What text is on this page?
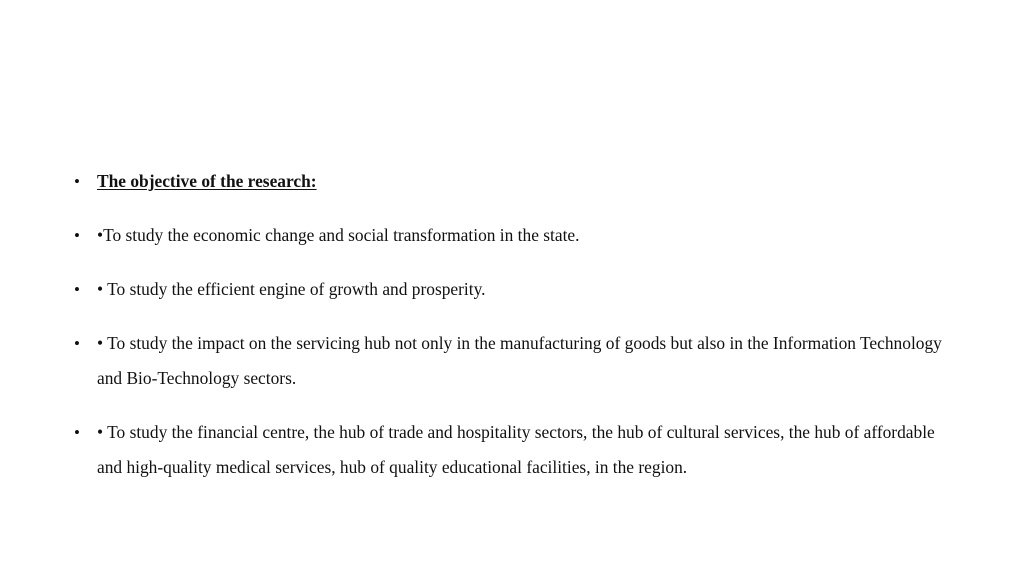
• The objective of the research:
• •To study the economic change and social transformation in the state.
• • To study the efficient engine of growth and prosperity.
• • To study the impact on the servicing hub not only in the manufacturing of goods but also in the Information Technology and Bio-Technology sectors.
• • To study the financial centre, the hub of trade and hospitality sectors, the hub of cultural services, the hub of affordable and high-quality medical services, hub of quality educational facilities, in the region.
